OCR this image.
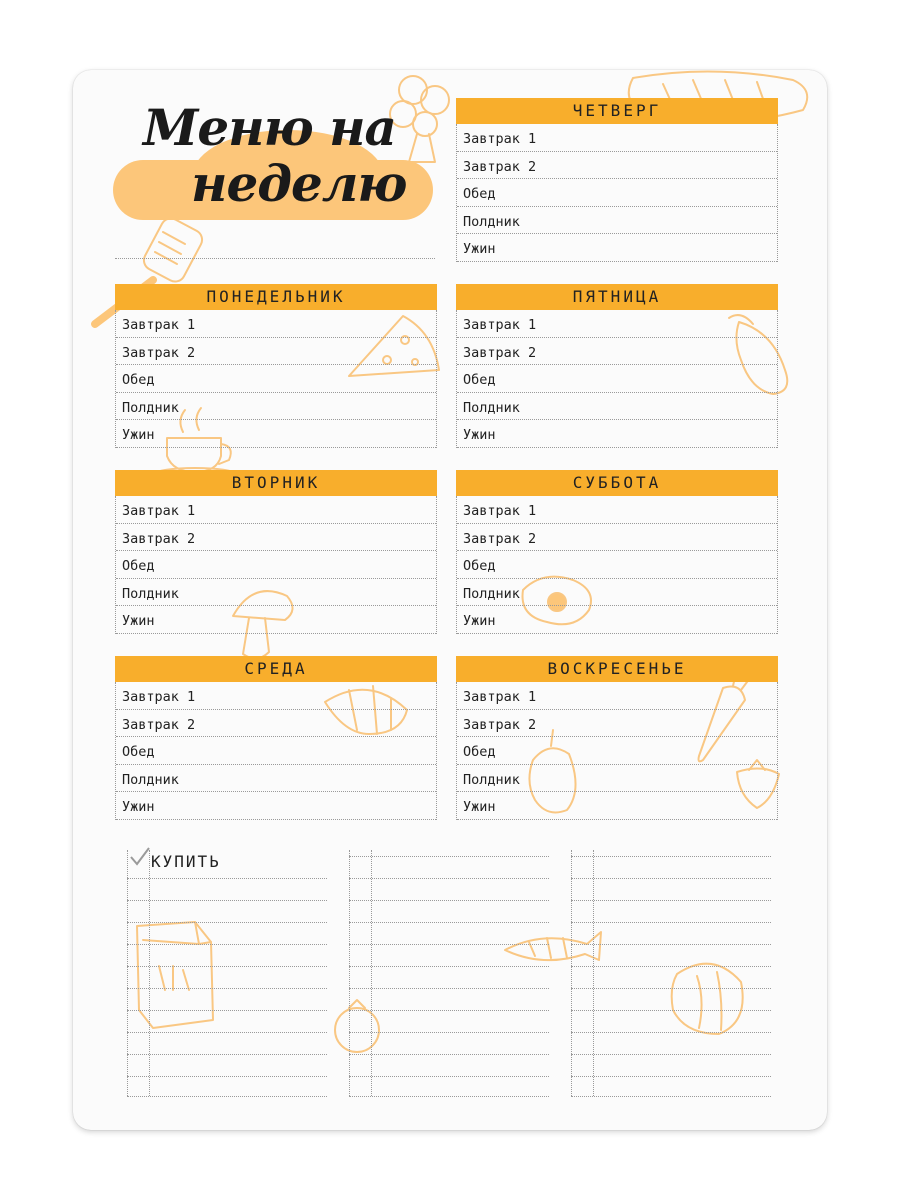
Меню на
неделю
ЧЕТВЕРГ
Завтрак 1
Завтрак 2
Обед
Полдник
Ужин
ПОНЕДЕЛЬНИК
Завтрак 1
Завтрак 2
Обед
Полдник
Ужин
ПЯТНИЦА
Завтрак 1
Завтрак 2
Обед
Полдник
Ужин
ВТОРНИК
Завтрак 1
Завтрак 2
Обед
Полдник
Ужин
СУББОТА
Завтрак 1
Завтрак 2
Обед
Полдник
Ужин
СРЕДА
Завтрак 1
Завтрак 2
Обед
Полдник
Ужин
ВОСКРЕСЕНЬЕ
Завтрак 1
Завтрак 2
Обед
Полдник
Ужин
КУПИТЬ
